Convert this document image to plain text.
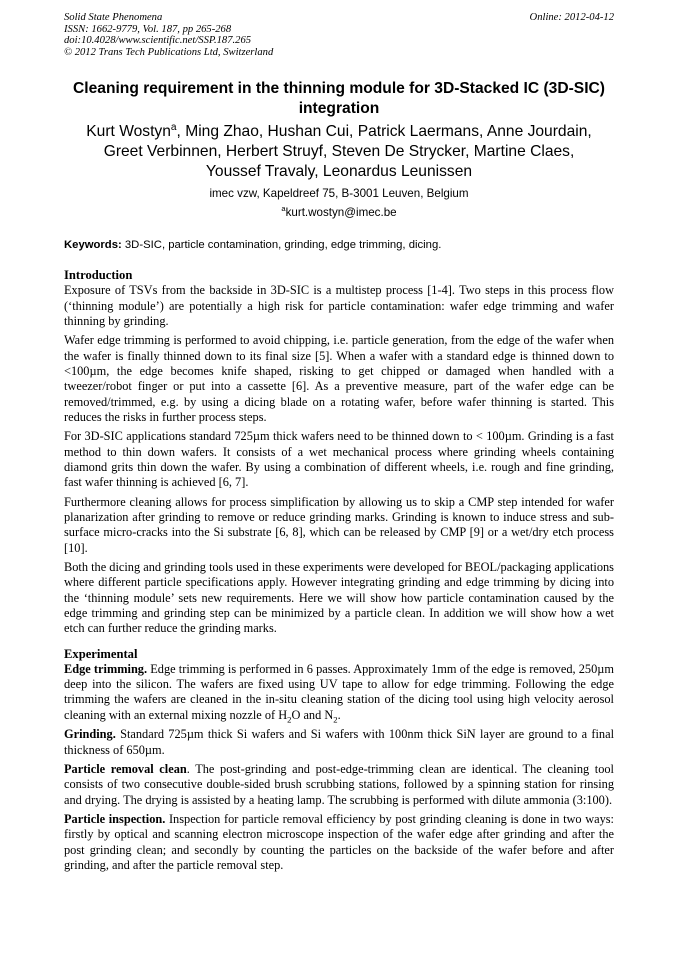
Solid State Phenomena
ISSN: 1662-9779, Vol. 187, pp 265-268
doi:10.4028/www.scientific.net/SSP.187.265
© 2012 Trans Tech Publications Ltd, Switzerland
Online: 2012-04-12
Cleaning requirement in the thinning module for 3D-Stacked IC (3D-SIC) integration
Kurt Wostyn$^a$, Ming Zhao, Hushan Cui, Patrick Laermans, Anne Jourdain,
Greet Verbinnen, Herbert Struyf, Steven De Strycker, Martine Claes,
Youssef Travaly, Leonardus Leunissen
imec vzw, Kapeldreef 75, B-3001 Leuven, Belgium
$^a$kurt.wostyn@imec.be
Keywords: 3D-SIC, particle contamination, grinding, edge trimming, dicing.
Introduction

Exposure of TSVs from the backside in 3D-SIC is a multistep process [1-4]. Two steps in this process flow (‘thinning module’) are potentially a high risk for particle contamination: wafer edge trimming and wafer thinning by grinding.

Wafer edge trimming is performed to avoid chipping, i.e. particle generation, from the edge of the wafer when the wafer is finally thinned down to its final size [5]. When a wafer with a standard edge is thinned down to <100µm, the edge becomes knife shaped, risking to get chipped or damaged when handled with a tweezer/robot finger or put into a cassette [6]. As a preventive measure, part of the wafer edge can be removed/trimmed, e.g. by using a dicing blade on a rotating wafer, before wafer thinning is started. This reduces the risks in further process steps.

For 3D-SIC applications standard 725µm thick wafers need to be thinned down to < 100µm. Grinding is a fast method to thin down wafers. It consists of a wet mechanical process where grinding wheels containing diamond grits thin down the wafer. By using a combination of different wheels, i.e. rough and fine grinding, fast wafer thinning is achieved [6, 7].

Furthermore cleaning allows for process simplification by allowing us to skip a CMP step intended for wafer planarization after grinding to remove or reduce grinding marks. Grinding is known to induce stress and sub-surface micro-cracks into the Si substrate [6, 8], which can be released by CMP [9] or a wet/dry etch process [10].

Both the dicing and grinding tools used in these experiments were developed for BEOL/packaging applications where different particle specifications apply. However integrating grinding and edge trimming by dicing into the ‘thinning module’ sets new requirements. Here we will show how particle contamination caused by the edge trimming and grinding step can be minimized by a particle clean. In addition we will show how a wet etch can further reduce the grinding marks.

Experimental

Edge trimming. Edge trimming is performed in 6 passes. Approximately 1mm of the edge is removed, 250µm deep into the silicon. The wafers are fixed using UV tape to allow for edge trimming. Following the edge trimming the wafers are cleaned in the in-situ cleaning station of the dicing tool using high velocity aerosol cleaning with an external mixing nozzle of $H_2O$ and $N_2$.

Grinding. Standard 725µm thick Si wafers and Si wafers with 100nm thick SiN layer are ground to a final thickness of 650µm.

Particle removal clean. The post-grinding and post-edge-trimming clean are identical. The cleaning tool consists of two consecutive double-sided brush scrubbing stations, followed by a spinning station for rinsing and drying. The drying is assisted by a heating lamp. The scrubbing is performed with dilute ammonia (3:100).

Particle inspection. Inspection for particle removal efficiency by post grinding cleaning is done in two ways: firstly by optical and scanning electron microscope inspection of the wafer edge after grinding and after the post grinding clean; and secondly by counting the particles on the backside of the wafer before and after grinding, and after the particle removal step.
